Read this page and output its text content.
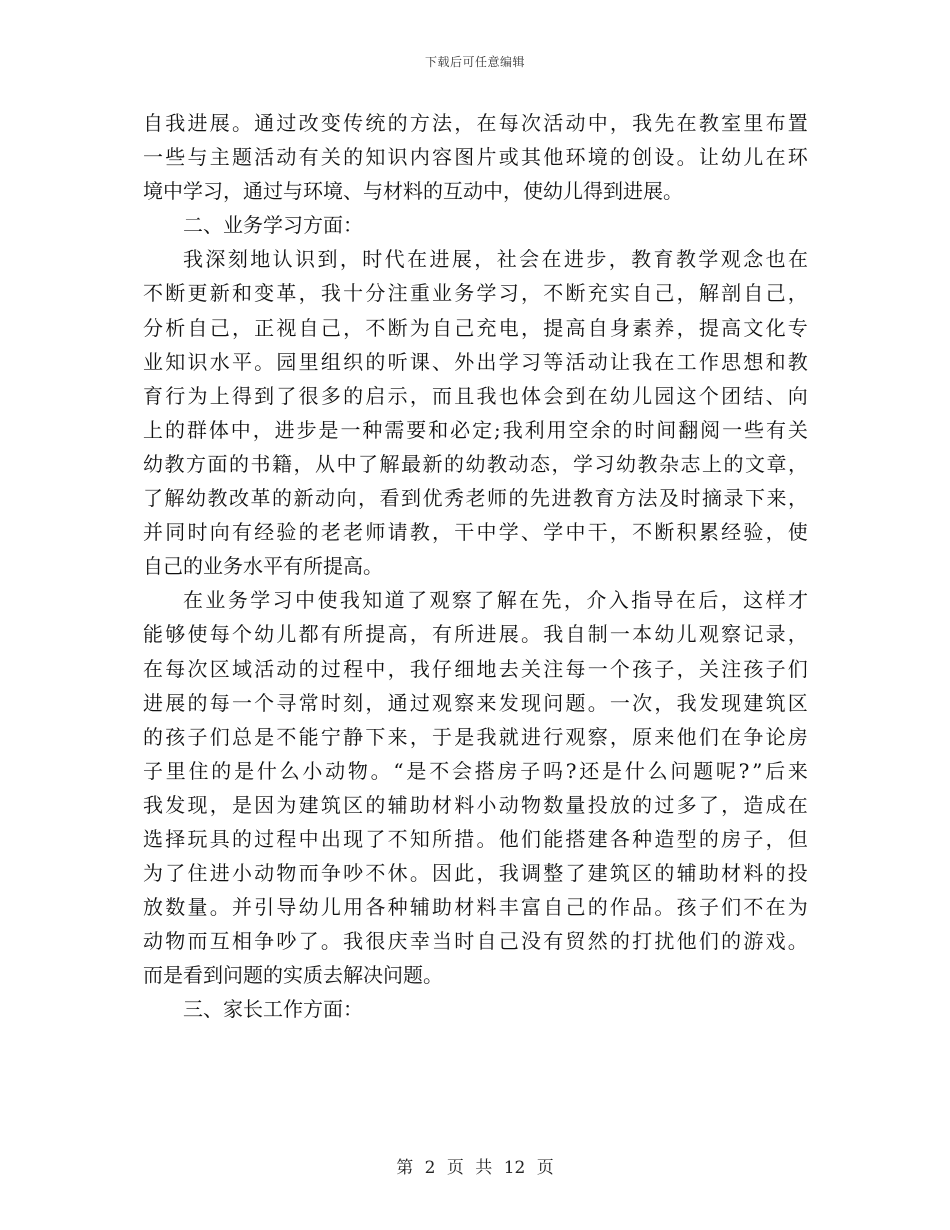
下载后可任意编辑
自 我 进 展 。 通 过 改 变 传 统 的 方 法 ， 在 每 次 活 动 中 ， 我 先 在 教 室 里 布 置
一 些 与 主 题 活 动 有 关 的 知 识 内 容 图 片 或 其 他 环 境 的 创 设 。 让 幼 儿 在 环
境中学习，通过与环境、与材料的互动中，使幼儿得到进展。
二、业务学习方面：
我 深 刻 地 认 识 到 ， 时 代 在 进 展 ， 社 会 在 进 步 ， 教 育 教 学 观 念 也 在
不 断 更 新 和 变 革 ， 我 十 分 注 重 业 务 学 习 ， 不 断 充 实 自 己 ， 解 剖 自 己 ，
分 析 自 己 ， 正 视 自 己 ， 不 断 为 自 己 充 电 ， 提 高 自 身 素 养 ， 提 高 文 化 专
业 知 识 水 平 。 园 里 组 织 的 听 课 、 外 出 学 习 等 活 动 让 我 在 工 作 思 想 和 教
育 行 为 上 得 到 了 很 多 的 启 示 ， 而 且 我 也 体 会 到 在 幼 儿 园 这 个 团 结 、 向
上 的 群 体 中 ， 进 步 是 一 种 需 要 和 必 定 ; 我 利 用 空 余 的 时 间 翻 阅 一 些 有 关
幼 教 方 面 的 书 籍 ， 从 中 了 解 最 新 的 幼 教 动 态 ， 学 习 幼 教 杂 志 上 的 文 章 ，
了 解 幼 教 改 革 的 新 动 向 ， 看 到 优 秀 老 师 的 先 进 教 育 方 法 及 时 摘 录 下 来 ，
并 同 时 向 有 经 验 的 老 老 师 请 教 ， 干 中 学 、 学 中 干 ， 不 断 积 累 经 验 ， 使
自己的业务水平有所提高。
在 业 务 学 习 中 使 我 知 道 了 观 察 了 解 在 先 ， 介 入 指 导 在 后 ， 这 样 才
能 够 使 每 个 幼 儿 都 有 所 提 高 ， 有 所 进 展 。 我 自 制 一 本 幼 儿 观 察 记 录 ，
在 每 次 区 域 活 动 的 过 程 中 ， 我 仔 细 地 去 关 注 每 一 个 孩 子 ， 关 注 孩 子 们
进 展 的 每 一 个 寻 常 时 刻 ， 通 过 观 察 来 发 现 问 题 。 一 次 ， 我 发 现 建 筑 区
的 孩 子 们 总 是 不 能 宁 静 下 来 ， 于 是 我 就 进 行 观 察 ， 原 来 他 们 在 争 论 房
子 里 住 的 是 什 么 小 动 物 。 “ 是 不 会 搭 房 子 吗 ? 还 是 什 么 问 题 呢 ? ” 后 来
我 发 现 ， 是 因 为 建 筑 区 的 辅 助 材 料 小 动 物 数 量 投 放 的 过 多 了 ， 造 成 在
选 择 玩 具 的 过 程 中 出 现 了 不 知 所 措 。 他 们 能 搭 建 各 种 造 型 的 房 子 ， 但
为 了 住 进 小 动 物 而 争 吵 不 休 。 因 此 ， 我 调 整 了 建 筑 区 的 辅 助 材 料 的 投
放 数 量 。 并 引 导 幼 儿 用 各 种 辅 助 材 料 丰 富 自 己 的 作 品 。 孩 子 们 不 在 为
动 物 而 互 相 争 吵 了 。 我 很 庆 幸 当 时 自 己 没 有 贸 然 的 打 扰 他 们 的 游 戏 。
而是看到问题的实质去解决问题。
三、家长工作方面：
第 2 页 共 12 页
